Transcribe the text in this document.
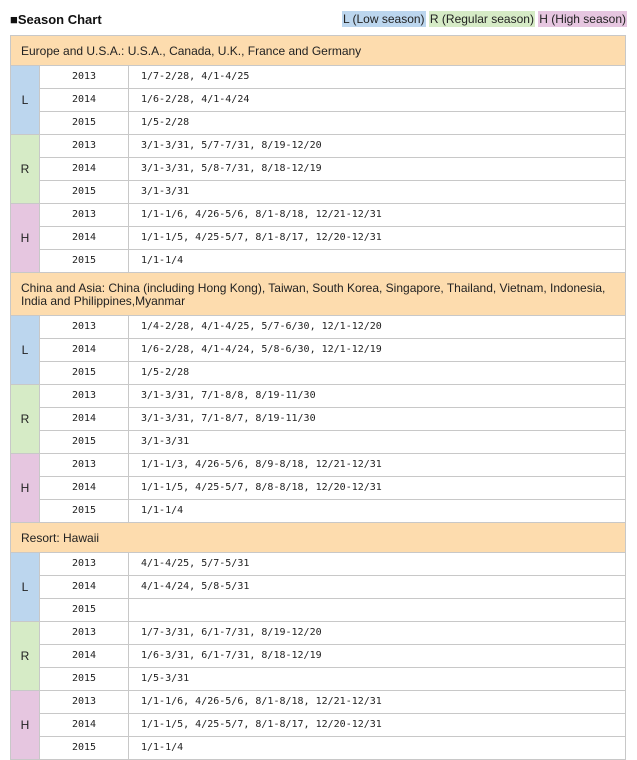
■Season Chart	L (Low season) R (Regular season) H (High season)
Europe and U.S.A.: U.S.A., Canada, U.K., France and Germany		
L	2013	1/7-2/28, 4/1-4/25
	2014	1/6-2/28, 4/1-4/24
	2015	1/5-2/28
R	2013	3/1-3/31, 5/7-7/31, 8/19-12/20
	2014	3/1-3/31, 5/8-7/31, 8/18-12/19
	2015	3/1-3/31
H	2013	1/1-1/6, 4/26-5/6, 8/1-8/18, 12/21-12/31
	2014	1/1-1/5, 4/25-5/7, 8/1-8/17, 12/20-12/31
	2015	1/1-1/4
China and Asia: China (including Hong Kong), Taiwan, South Korea, Singapore, Thailand, Vietnam, Indonesia, India and Philippines,Myanmar		
L	2013	1/4-2/28, 4/1-4/25, 5/7-6/30, 12/1-12/20
	2014	1/6-2/28, 4/1-4/24, 5/8-6/30, 12/1-12/19
	2015	1/5-2/28
R	2013	3/1-3/31, 7/1-8/8, 8/19-11/30
	2014	3/1-3/31, 7/1-8/7, 8/19-11/30
	2015	3/1-3/31
H	2013	1/1-1/3, 4/26-5/6, 8/9-8/18, 12/21-12/31
	2014	1/1-1/5, 4/25-5/7, 8/8-8/18, 12/20-12/31
	2015	1/1-1/4
Resort: Hawaii		
L	2013	4/1-4/25, 5/7-5/31
	2014	4/1-4/24, 5/8-5/31
	2015	
R	2013	1/7-3/31, 6/1-7/31, 8/19-12/20
	2014	1/6-3/31, 6/1-7/31, 8/18-12/19
	2015	1/5-3/31
H	2013	1/1-1/6, 4/26-5/6, 8/1-8/18, 12/21-12/31
	2014	1/1-1/5, 4/25-5/7, 8/1-8/17, 12/20-12/31
	2015	1/1-1/4
